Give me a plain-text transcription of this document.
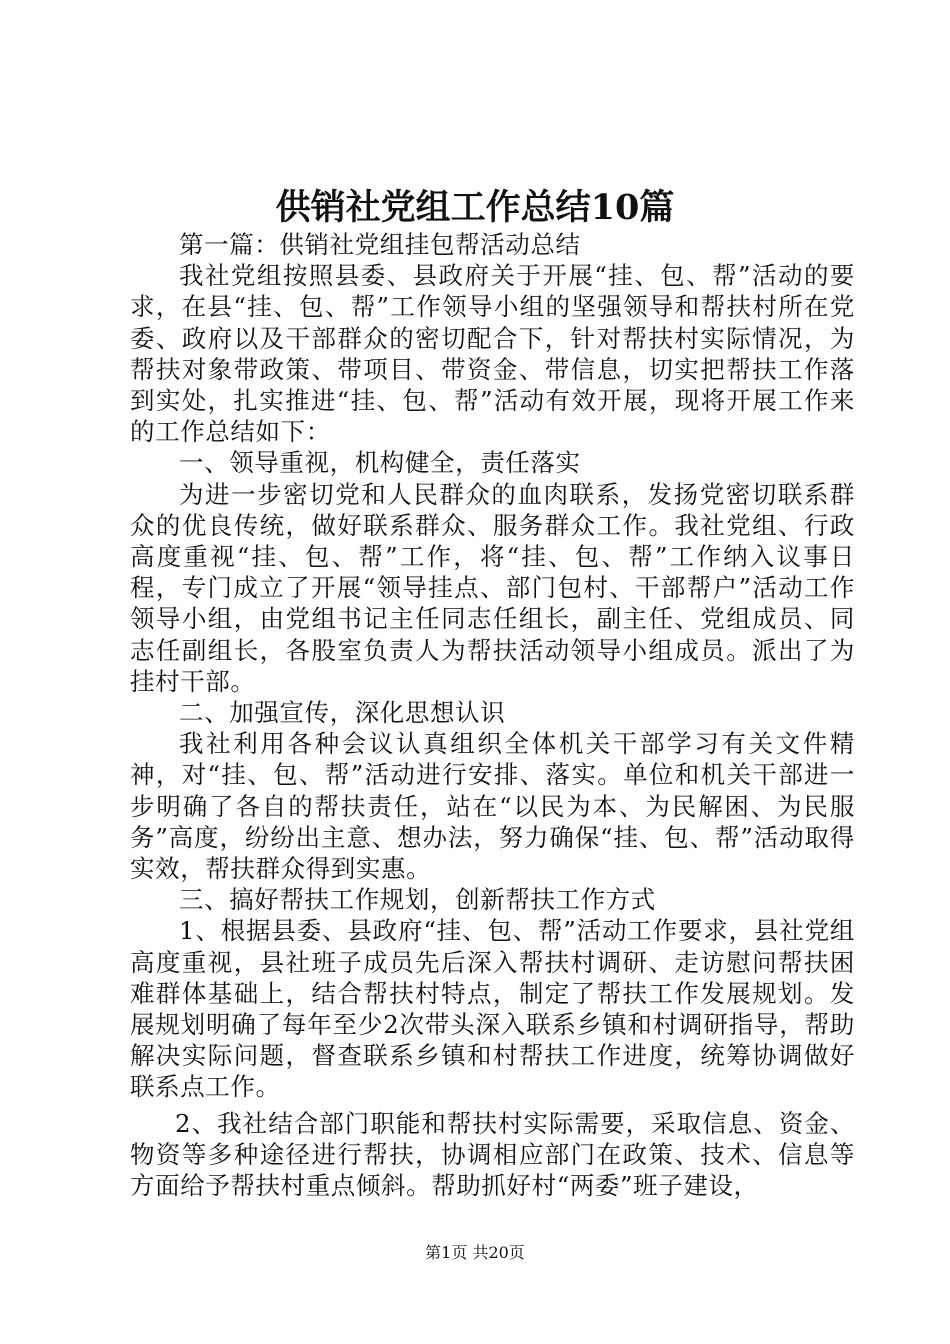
供销社党组工作总结10篇

第一篇：供销社党组挂包帮活动总结

我社党组按照县委、县政府关于开展“挂、包、帮”活动的要求，在县“挂、包、帮”工作领导小组的坚强领导和帮扶村所在党委、政府以及干部群众的密切配合下，针对帮扶村实际情况，为帮扶对象带政策、带项目、带资金、带信息，切实把帮扶工作落到实处，扎实推进“挂、包、帮”活动有效开展，现将开展工作来的工作总结如下：

一、领导重视，机构健全，责任落实

为进一步密切党和人民群众的血肉联系，发扬党密切联系群众的优良传统，做好联系群众、服务群众工作。我社党组、行政高度重视“挂、包、帮”工作，将“挂、包、帮”工作纳入议事日程，专门成立了开展“领导挂点、部门包村、干部帮户”活动工作领导小组，由党组书记主任同志任组长，副主任、党组成员、同志任副组长，各股室负责人为帮扶活动领导小组成员。派出了为挂村干部。

二、加强宣传，深化思想认识

我社利用各种会议认真组织全体机关干部学习有关文件精神，对“挂、包、帮”活动进行安排、落实。单位和机关干部进一步明确了各自的帮扶责任，站在“以民为本、为民解困、为民服务”高度，纷纷出主意、想办法，努力确保“挂、包、帮”活动取得实效，帮扶群众得到实惠。

三、搞好帮扶工作规划，创新帮扶工作方式

1、根据县委、县政府“挂、包、帮”活动工作要求，县社党组高度重视，县社班子成员先后深入帮扶村调研、走访慰问帮扶困难群体基础上，结合帮扶村特点，制定了帮扶工作发展规划。发展规划明确了每年至少2次带头深入联系乡镇和村调研指导，帮助解决实际问题，督查联系乡镇和村帮扶工作进度，统筹协调做好联系点工作。

2、我社结合部门职能和帮扶村实际需要，采取信息、资金、物资等多种途径进行帮扶，协调相应部门在政策、技术、信息等方面给予帮扶村重点倾斜。帮助抓好村“两委”班子建设，

第1页 共20页
